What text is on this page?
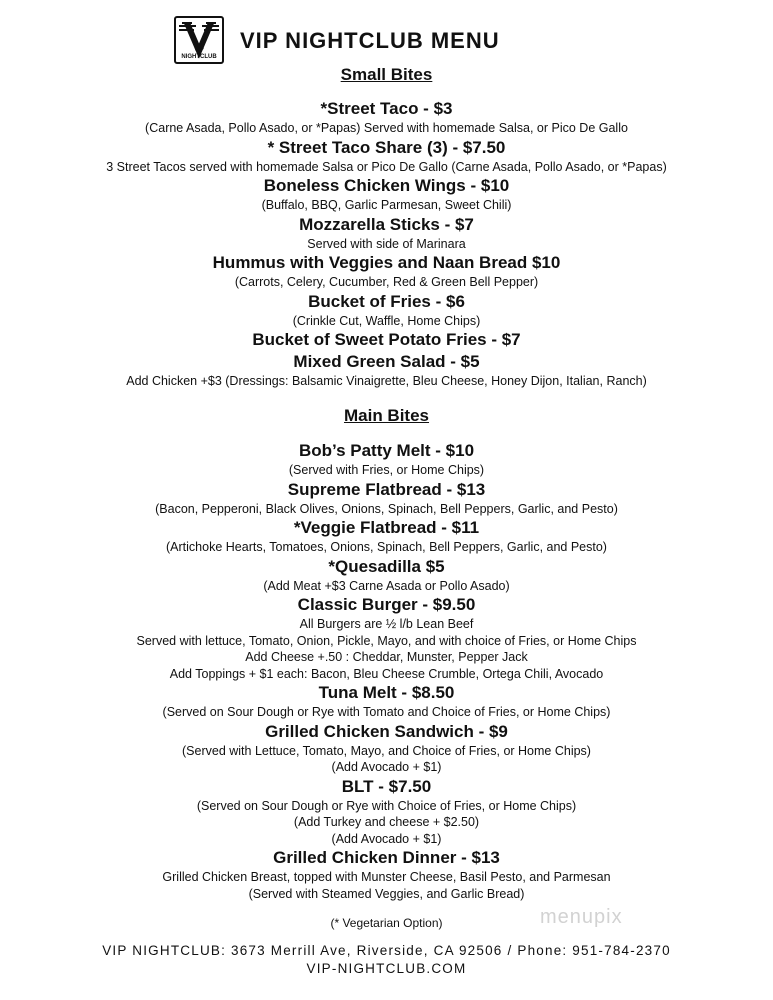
VIP NIGHTCLUB
VIP NIGHTCLUB MENU
Small Bites
*Street Taco - $3
(Carne Asada, Pollo Asado, or *Papas) Served with homemade Salsa, or Pico De Gallo
* Street Taco Share (3) - $7.50
3 Street Tacos served with homemade Salsa or Pico De Gallo (Carne Asada, Pollo Asado, or *Papas)
Boneless Chicken Wings - $10
(Buffalo, BBQ, Garlic Parmesan, Sweet Chili)
Mozzarella Sticks - $7
Served with side of Marinara
Hummus with Veggies and Naan Bread $10
(Carrots, Celery, Cucumber, Red & Green Bell Pepper)
Bucket of Fries - $6
(Crinkle Cut, Waffle, Home Chips)
Bucket of Sweet Potato Fries - $7
Mixed Green Salad - $5
Add Chicken +$3 (Dressings: Balsamic Vinaigrette, Bleu Cheese, Honey Dijon, Italian, Ranch)
Main Bites
Bob’s Patty Melt - $10
(Served with Fries, or Home Chips)
Supreme Flatbread - $13
(Bacon, Pepperoni, Black Olives, Onions, Spinach, Bell Peppers, Garlic, and Pesto)
*Veggie Flatbread - $11
(Artichoke Hearts, Tomatoes, Onions, Spinach, Bell Peppers, Garlic, and Pesto)
*Quesadilla $5
(Add Meat +$3 Carne Asada or Pollo Asado)
Classic Burger - $9.50
All Burgers are ½ l/b Lean Beef
Served with lettuce, Tomato, Onion, Pickle, Mayo, and with choice of Fries, or Home Chips
Add Cheese +.50 : Cheddar, Munster, Pepper Jack
Add Toppings + $1 each: Bacon, Bleu Cheese Crumble, Ortega Chili, Avocado
Tuna Melt - $8.50
(Served on Sour Dough or Rye with Tomato and Choice of Fries, or Home Chips)
Grilled Chicken Sandwich - $9
(Served with Lettuce, Tomato, Mayo, and Choice of Fries, or Home Chips)
(Add Avocado + $1)
BLT - $7.50
(Served on Sour Dough or Rye with Choice of Fries, or Home Chips)
(Add Turkey and cheese + $2.50)
(Add Avocado + $1)
Grilled Chicken Dinner - $13
Grilled Chicken Breast, topped with Munster Cheese, Basil Pesto, and Parmesan
(Served with Steamed Veggies, and Garlic Bread)
(* Vegetarian Option)	menupix
VIP NIGHTCLUB: 3673 Merrill Ave, Riverside, CA 92506 / Phone: 951-784-2370
VIP-NIGHTCLUB.COM
